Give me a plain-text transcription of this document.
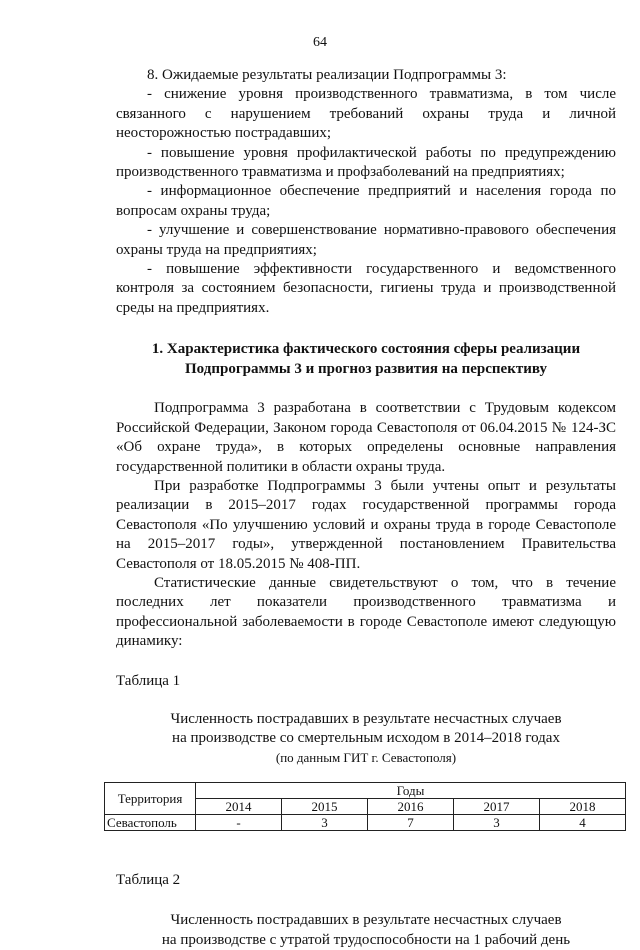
64

8. Ожидаемые результаты реализации Подпрограммы 3:

- снижение уровня производственного травматизма, в том числе связанного с нарушением требований охраны труда и личной неосторожностью пострадавших;

- повышение уровня профилактической работы по предупреждению производственного травматизма и профзаболеваний на предприятиях;

- информационное обеспечение предприятий и населения города по вопросам охраны труда;

- улучшение и совершенствование нормативно-правового обеспечения охраны труда на предприятиях;

- повышение эффективности государственного и ведомственного контроля за состоянием безопасности, гигиены труда и производственной среды на предприятиях.

1. Характеристика фактического состояния сферы реализации
Подпрограммы 3 и прогноз развития на перспективу

Подпрограмма 3 разработана в соответствии с Трудовым кодексом Российской Федерации, Законом города Севастополя от 06.04.2015 № 124-ЗС «Об охране труда», в которых определены основные направления государственной политики в области охраны труда.

При разработке Подпрограммы 3 были учтены опыт и результаты реализации в 2015–2017 годах государственной программы города Севастополя «По улучшению условий и охраны труда в городе Севастополе на 2015–2017 годы», утвержденной постановлением Правительства Севастополя от 18.05.2015 № 408-ПП.

Статистические данные свидетельствуют о том, что в течение последних лет показатели производственного травматизма и профессиональной заболеваемости в городе Севастополе имеют следующую динамику:

Таблица 1

Численность пострадавших в результате несчастных случаев
на производстве со смертельным исходом в 2014–2018 годах
(по данным ГИТ г. Севастополя)
Территория	Годы				
	2014	2015	2016	2017	2018
Севастополь	-	3	7	3	4

Таблица 2

Численность пострадавших в результате несчастных случаев
на производстве с утратой трудоспособности на 1 рабочий день
